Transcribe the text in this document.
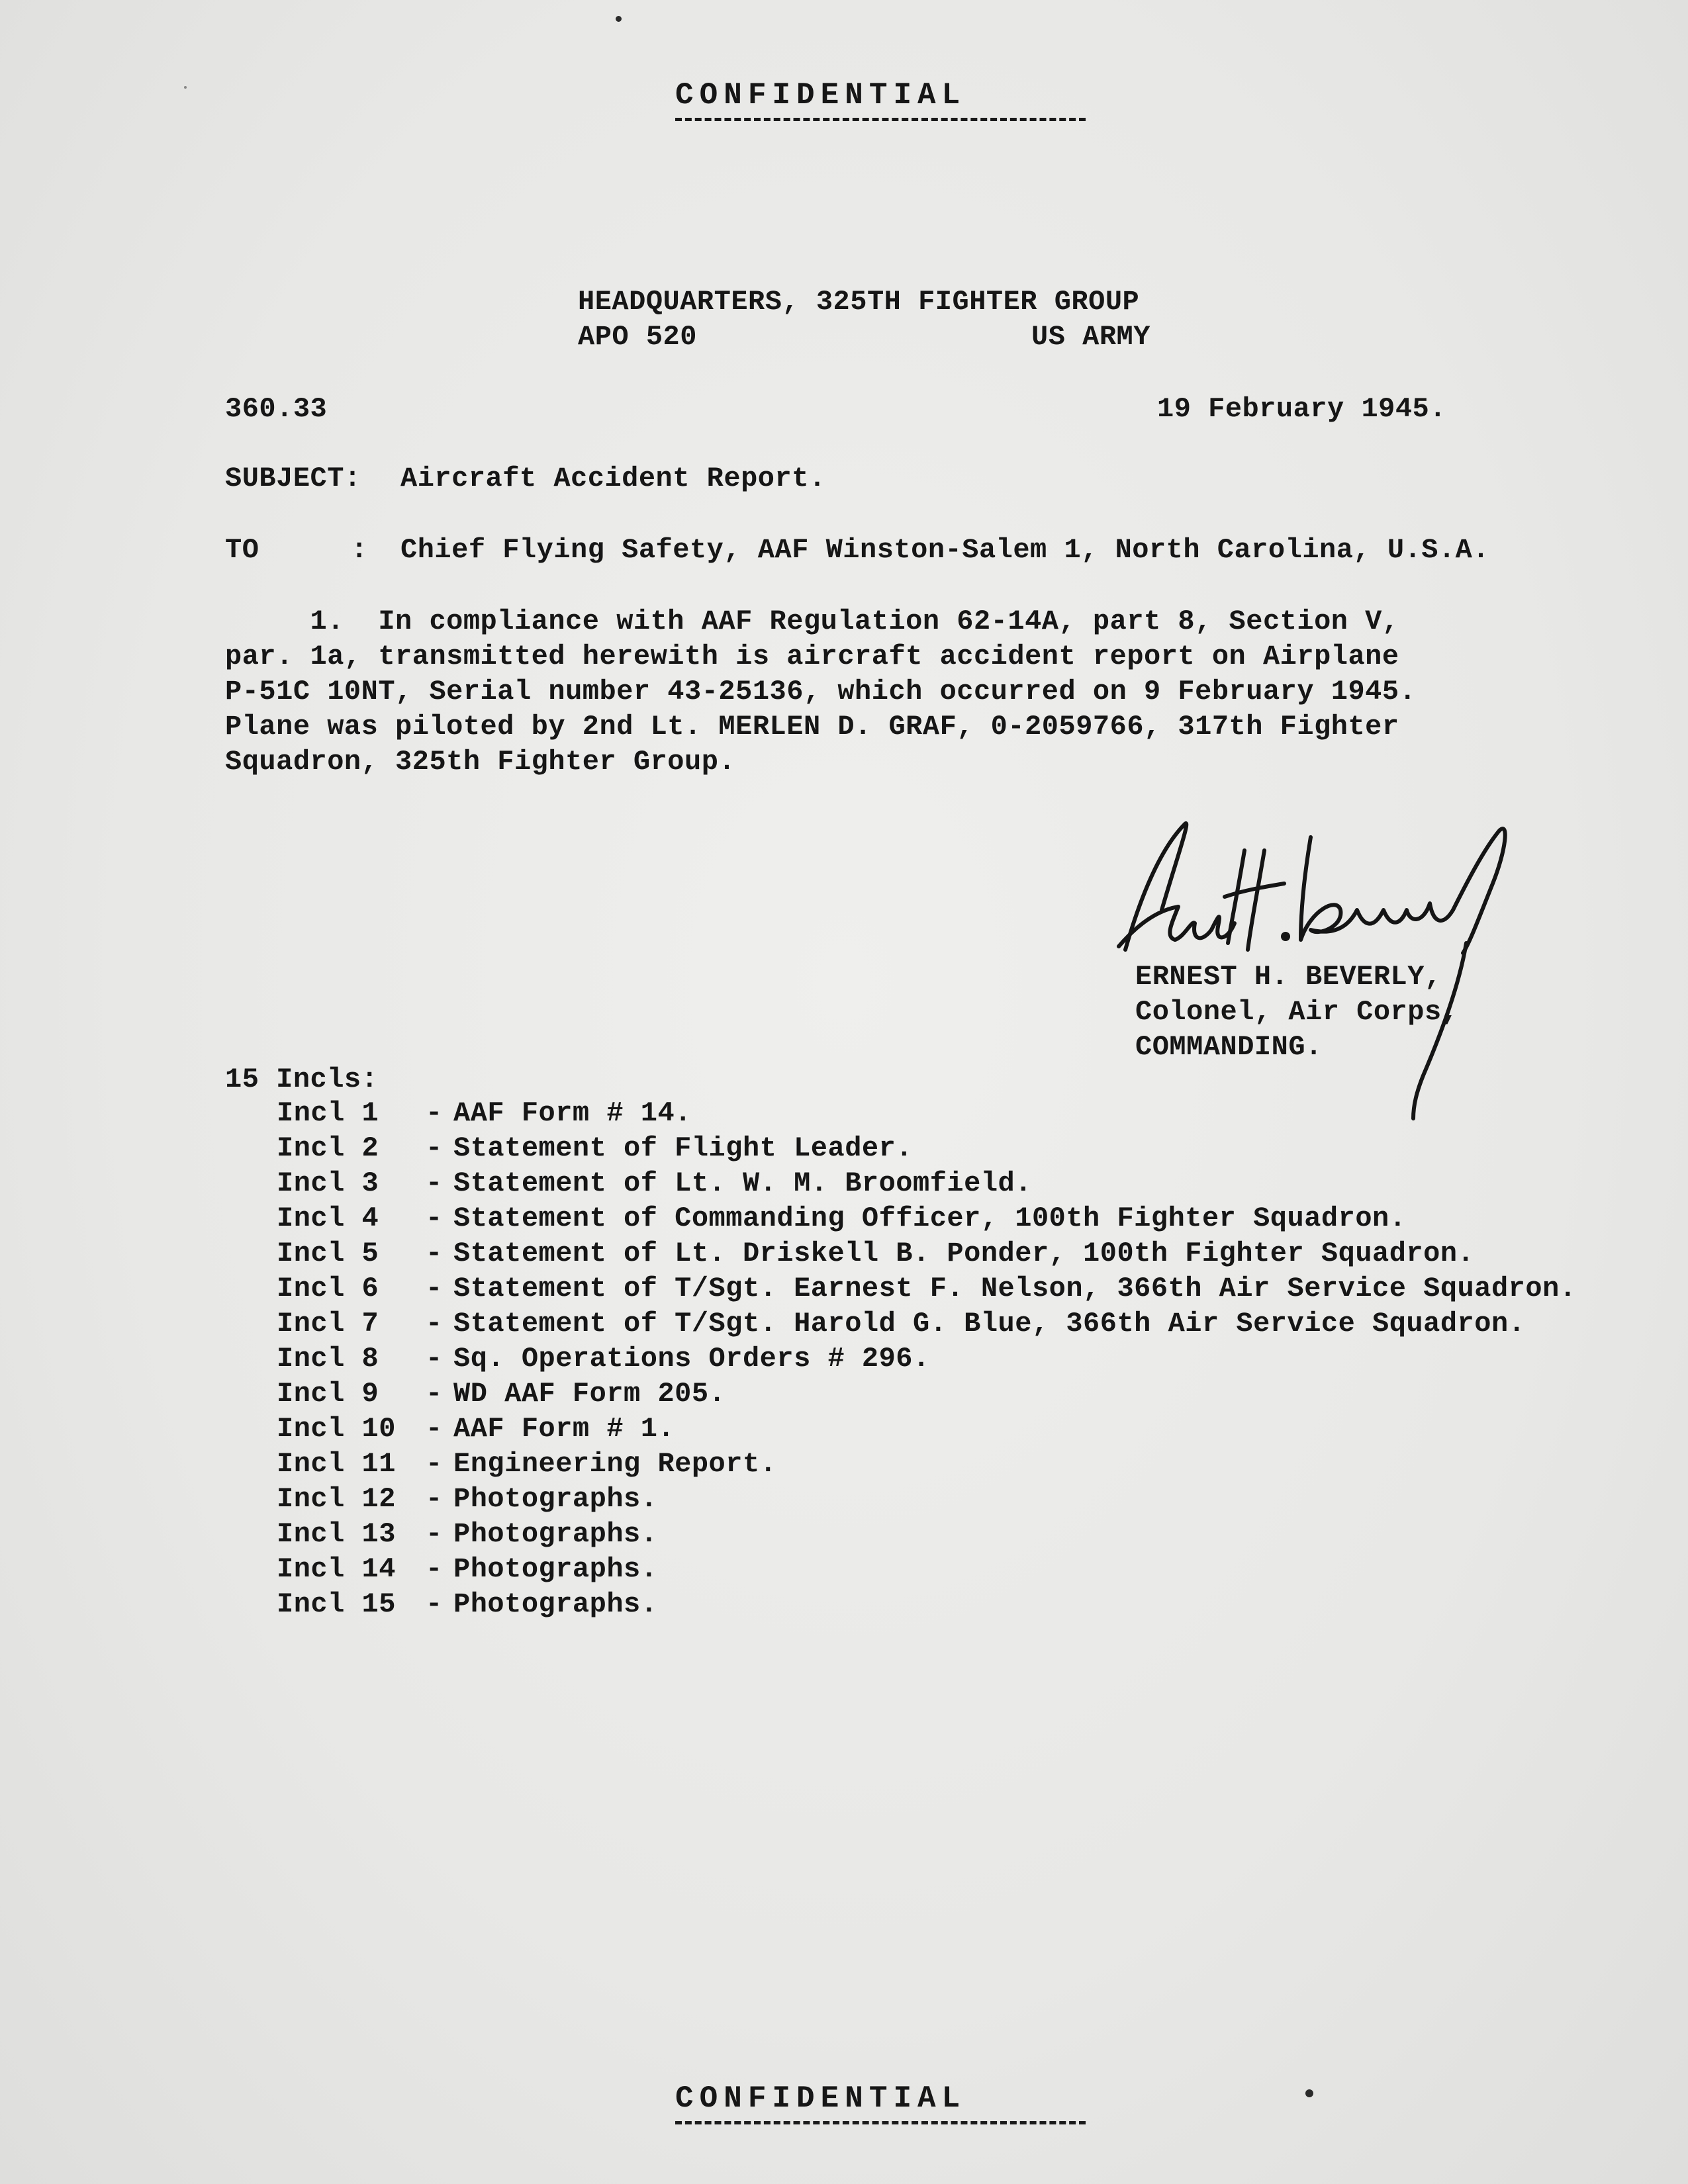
CONFIDENTIAL
HEADQUARTERS, 325TH FIGHTER GROUP
APO 520	US ARMY
360.33	19 February 1945.
SUBJECT: Aircraft Accident Report.
TO	: Chief Flying Safety, AAF Winston-Salem 1, North Carolina, U.S.A.
1.  In compliance with AAF Regulation 62-14A, part 8, Section V,
par. 1a, transmitted herewith is aircraft accident report on Airplane
P-51C 10NT, Serial number 43-25136, which occurred on 9 February 1945.
Plane was piloted by 2nd Lt. MERLEN D. GRAF, 0-2059766, 317th Fighter
Squadron, 325th Fighter Group.
ERNEST H. BEVERLY,
Colonel, Air Corps,
COMMANDING.
15 Incls:
Incl 1 - AAF Form # 14.
Incl 2 - Statement of Flight Leader.
Incl 3 - Statement of Lt. W. M. Broomfield.
Incl 4 - Statement of Commanding Officer, 100th Fighter Squadron.
Incl 5 - Statement of Lt. Driskell B. Ponder, 100th Fighter Squadron.
Incl 6 - Statement of T/Sgt. Earnest F. Nelson, 366th Air Service Squadron.
Incl 7 - Statement of T/Sgt. Harold G. Blue, 366th Air Service Squadron.
Incl 8 - Sq. Operations Orders # 296.
Incl 9 - WD AAF Form 205.
Incl 10 - AAF Form # 1.
Incl 11 - Engineering Report.
Incl 12 - Photographs.
Incl 13 - Photographs.
Incl 14 - Photographs.
Incl 15 - Photographs.
CONFIDENTIAL
